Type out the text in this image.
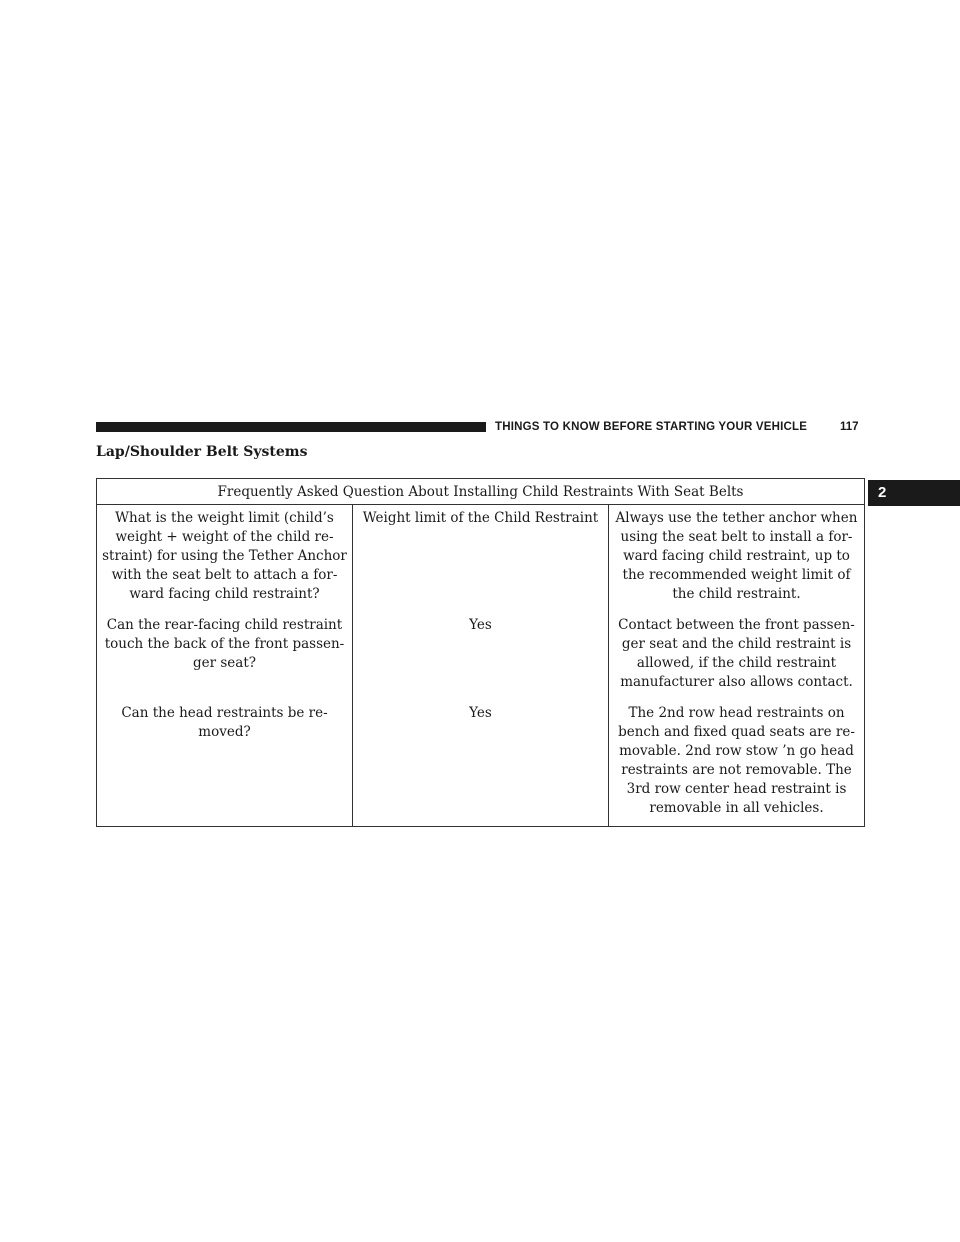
THINGS TO KNOW BEFORE STARTING YOUR VEHICLE	117
2
Lap/Shoulder Belt Systems
Frequently Asked Question About Installing Child Restraints With Seat Belts		
What is the weight limit (child’s weight + weight of the child re-straint) for using the Tether Anchor with the seat belt to attach a for-ward facing child restraint?	Weight limit of the Child Restraint	Always use the tether anchor when using the seat belt to install a for-ward facing child restraint, up to the recommended weight limit of the child restraint.
Can the rear-facing child restraint touch the back of the front passen-ger seat?	Yes	Contact between the front passen-ger seat and the child restraint is allowed, if the child restraint manufacturer also allows contact.
Can the head restraints be re-moved?	Yes	The 2nd row head restraints on bench and fixed quad seats are re-movable. 2nd row stow ’n go head restraints are not removable. The 3rd row center head restraint is removable in all vehicles.
